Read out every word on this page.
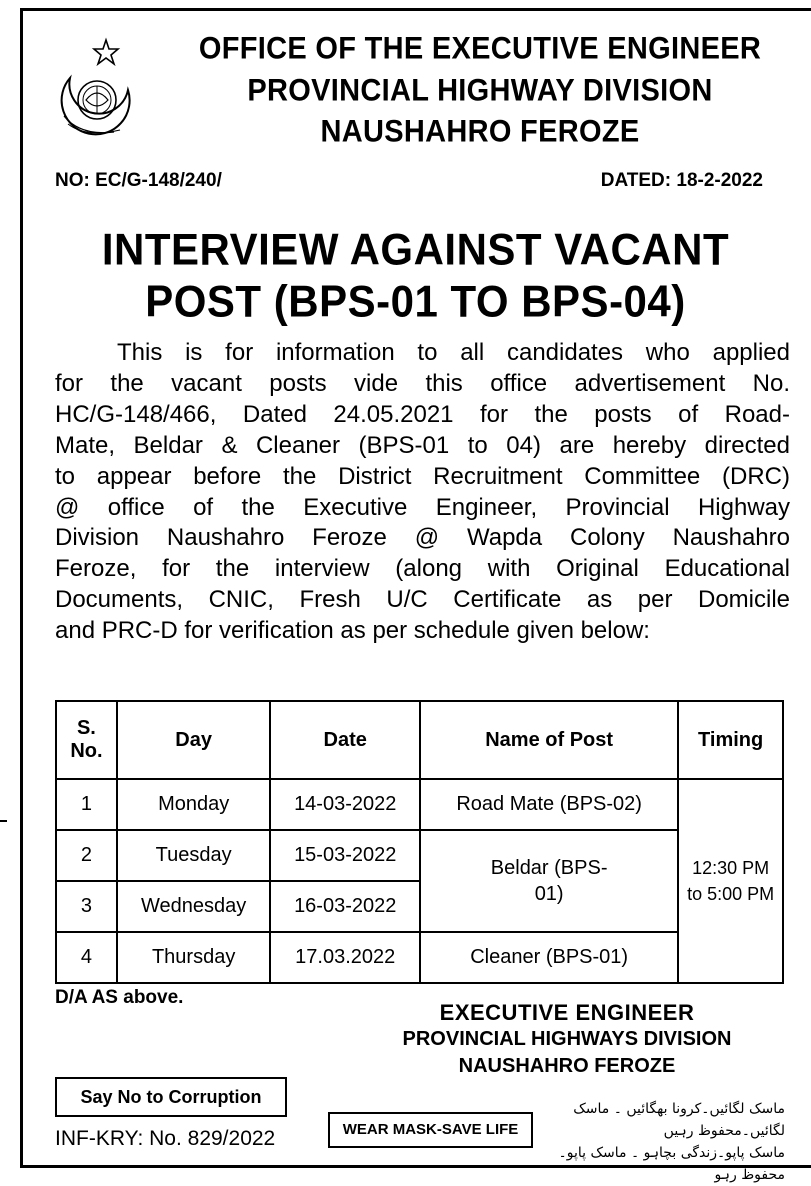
OFFICE OF THE EXECUTIVE ENGINEER
PROVINCIAL HIGHWAY DIVISION
NAUSHAHRO FEROZE
NO: EC/G-148/240/	DATED: 18-2-2022
INTERVIEW AGAINST VACANT
POST (BPS-01 TO BPS-04)
This is for information to all candidates who applied
for the vacant posts vide this office advertisement No.
HC/G-148/466, Dated 24.05.2021 for the posts of Road-
Mate, Beldar & Cleaner (BPS-01 to 04) are hereby directed
to appear before the District Recruitment Committee (DRC)
@ office of the Executive Engineer, Provincial Highway
Division Naushahro Feroze @ Wapda Colony Naushahro
Feroze, for the interview (along with Original Educational
Documents, CNIC, Fresh U/C Certificate as per Domicile
and PRC-D for verification as per schedule given below:
S. No.	Day	Date	Name of Post	Timing
1	Monday	14-03-2022	Road Mate (BPS-02)	12:30 PM to 5:00 PM
2	Tuesday	15-03-2022	Beldar (BPS-01)	
3	Wednesday	16-03-2022		
4	Thursday	17.03.2022	Cleaner (BPS-01)	
D/A AS above.
EXECUTIVE ENGINEER
PROVINCIAL HIGHWAYS DIVISION
NAUSHAHRO FEROZE
Say No to Corruption
INF-KRY: No. 829/2022	WEAR MASK-SAVE LIFE
ماسک لگائیں۔کرونا بھگائیں ۔ ماسک لگائیں۔محفوظ رہیں
ماسک پاپو۔زندگی بچاہو ۔ ماسک پاپو۔محفوظ رہو
